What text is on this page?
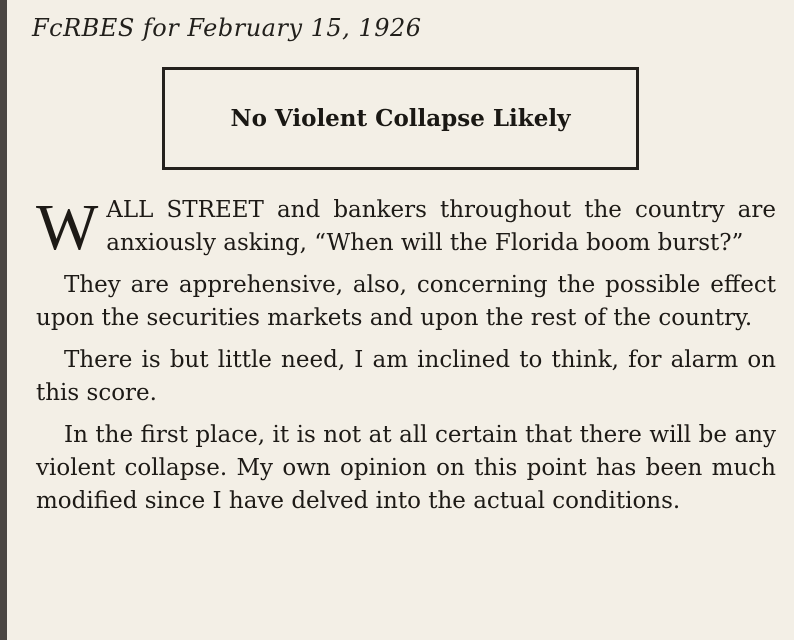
FcRBES for February 15, 1926
No Violent Collapse Likely

WALL STREET and bankers throughout the country are anxiously asking, “When will the Florida boom burst?”

They are apprehensive, also, concerning the possible effect upon the securities markets and upon the rest of the country.

There is but little need, I am inclined to think, for alarm on this score.

In the first place, it is not at all certain that there will be any violent collapse. My own opinion on this point has been much modified since I have delved into the actual conditions.
